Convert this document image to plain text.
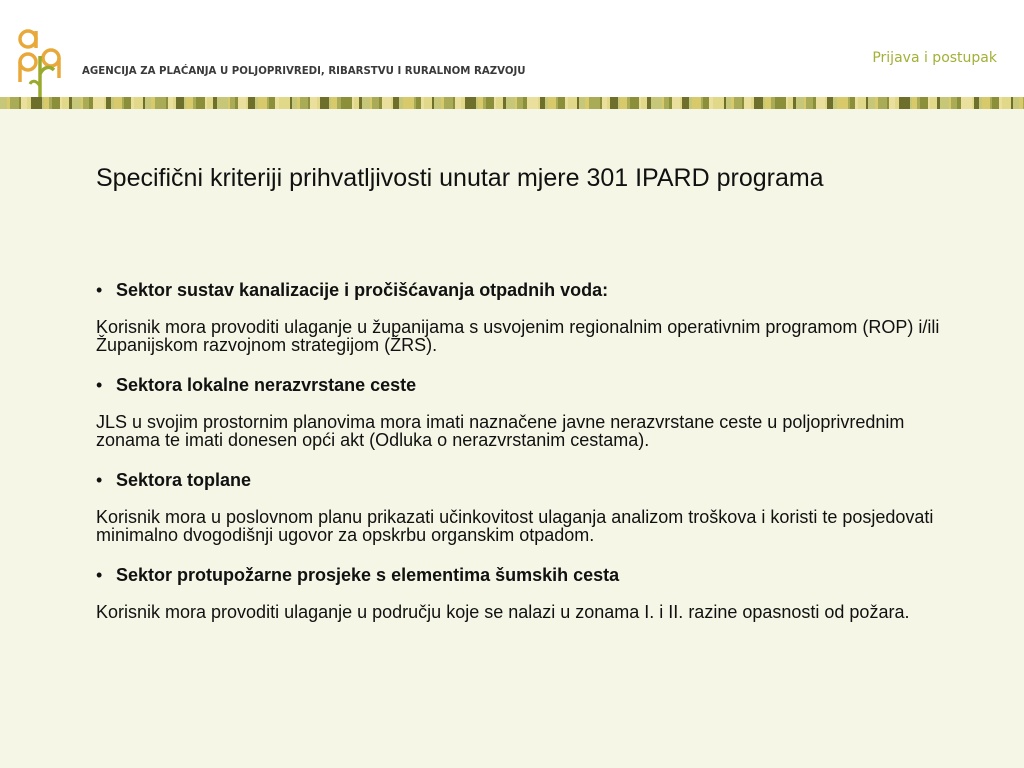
AGENCIJA ZA PLAĆANJA U POLJOPRIVREDI, RIBARSTVU I RURALNOM RAZVOJU
Prijava i postupak
Specifični kriteriji prihvatljivosti unutar mjere 301 IPARD programa
• Sektor sustav kanalizacije i pročišćavanja otpadnih voda:

Korisnik mora provoditi ulaganje u županijama s usvojenim regionalnim operativnim programom (ROP) i/ili Županijskom razvojnom strategijom (ŽRS).

• Sektora lokalne nerazvrstane ceste

JLS u svojim prostornim planovima mora imati naznačene javne nerazvrstane ceste u poljoprivrednim zonama te imati donesen opći akt (Odluka o nerazvrstanim cestama).

• Sektora toplane

Korisnik mora u poslovnom planu prikazati učinkovitost ulaganja analizom troškova i koristi te posjedovati minimalno dvogodišnji ugovor za opskrbu organskim otpadom.

• Sektor protupožarne prosjeke s elementima šumskih cesta

Korisnik mora provoditi ulaganje u području koje se nalazi u zonama I. i II. razine opasnosti od požara.
